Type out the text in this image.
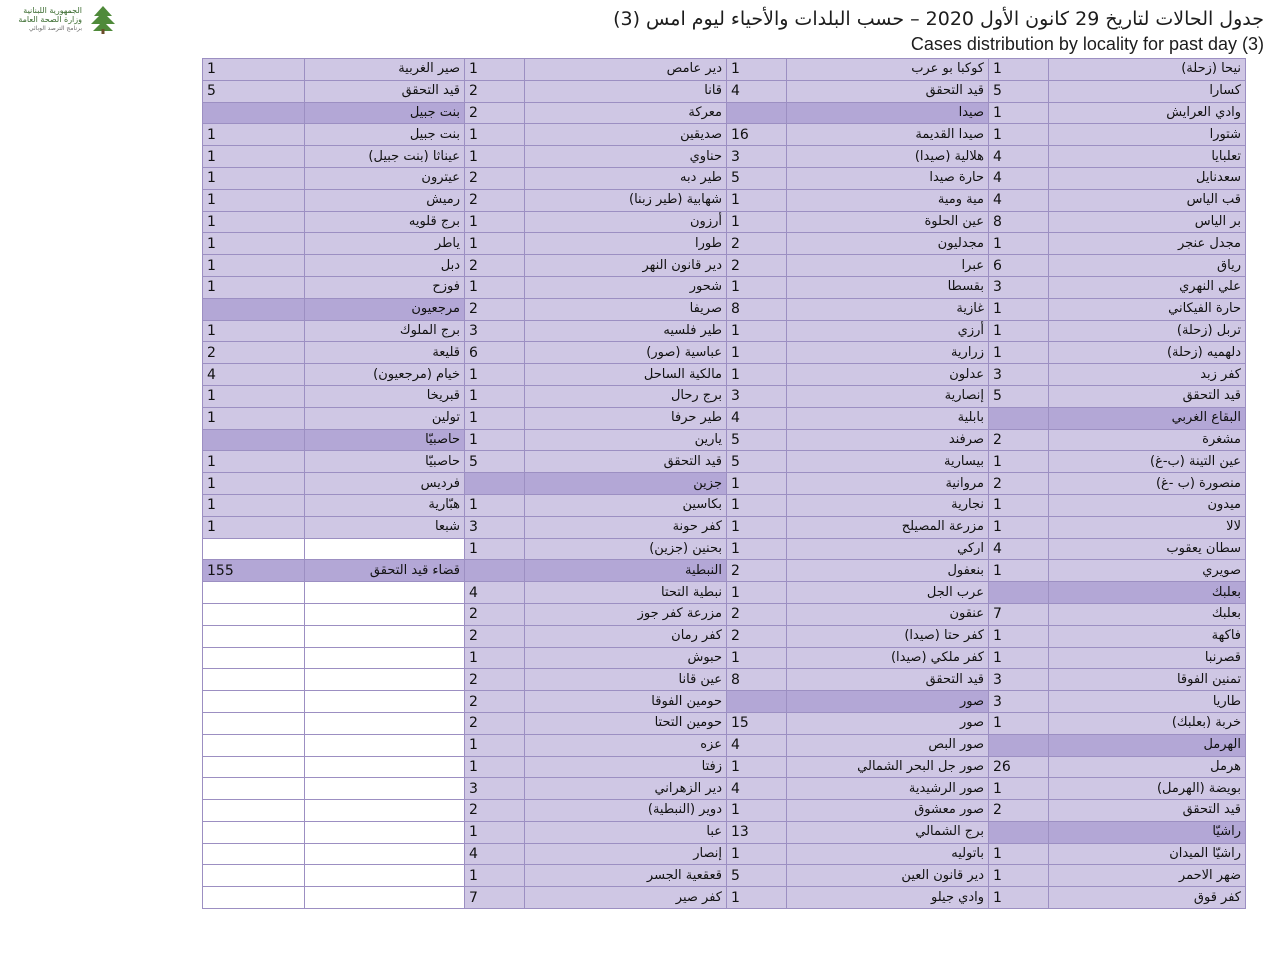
الجمهورية اللبنانية
وزارة الصحة العامة
برنامج الترصد الوبائي	جدول الحالات لتاريخ 29 كانون الأول 2020 – حسب البلدات والأحياء ليوم امس (3)
Cases distribution by locality for past day (3)
1	صير الغربية	1	دير عامص	1	كوكبا بو عرب	1	نيحا (زحلة)
5	قيد التحقق	2	قانا	4	قيد التحقق	5	كسارا
	بنت جبيل	2	معركة		صيدا	1	وادي العرايش
1	بنت جبيل	1	صديقين	16	صيدا القديمة	1	شتورا
1	عيناثا (بنت جبيل)	1	حناوي	3	هلالية (صيدا)	4	تعلبايا
1	عيترون	2	طير دبه	5	حارة صيدا	4	سعدنايل
1	رميش	2	شهابية (طير زبنا)	1	مية ومية	4	قب الياس
1	برج قلويه	1	أرزون	1	عين الحلوة	8	بر الياس
1	ياطر	1	طورا	2	مجدليون	1	مجدل عنجر
1	دبل	2	دير قانون النهر	2	عبرا	6	رياق
1	فوزح	1	شحور	1	بقسطا	3	علي النهري
	مرجعيون	2	صريفا	8	غازية	1	حارة الفيكاني
1	برج الملوك	3	طير فلسيه	1	أرزي	1	تربل (زحلة)
2	قليعة	6	عباسية (صور)	1	زرارية	1	دلهميه (زحلة)
4	خيام (مرجعيون)	1	مالكية الساحل	1	عدلون	3	كفر زبد
1	قبريخا	1	برج رحال	3	إنصارية	5	قيد التحقق
1	تولين	1	طير حرفا	4	بابلية		البقاع الغربي
	حاصبيّا	1	يارين	5	صرفند	2	مشغرة
1	حاصبيّا	5	قيد التحقق	5	بيسارية	1	عين التينة (ب-غ)
1	فرديس		جزين	1	مروانية	2	منصورة (ب -غ)
1	هبّارية	1	بكاسين	1	نجارية	1	ميدون
1	شبعا	3	كفر حونة	1	مزرعة المصيلح	1	لالا
		1	بحنين (جزين)	1	اركي	4	سطان يعقوب
155	قضاء قيد التحقق		النبطية	2	بنعفول	1	صويري
		4	نبطية التحتا	1	عرب الجل		بعلبك
		2	مزرعة كفر جوز	2	عنقون	7	بعلبك
		2	كفر رمان	2	كفر حتا (صيدا)	1	فاكهة
		1	حبوش	1	كفر ملكي (صيدا)	1	قصرنبا
		2	عين قانا	8	قيد التحقق	3	تمنين الفوقا
		2	حومين الفوقا		صور	3	طاريا
		2	حومين التحتا	15	صور	1	خربة (بعلبك)
		1	عزه	4	صور البص		الهرمل
		1	زفتا	1	صور جل البحر الشمالي	26	هرمل
		3	دير الزهراني	4	صور الرشيدية	1	بويضة (الهرمل)
		2	دوير (النبطية)	1	صور معشوق	2	قيد التحقق
		1	عبا	13	برج الشمالي		راشيّا
		4	إنصار	1	باتوليه	1	راشيّا الميدان
		1	قعقعية الجسر	5	دير قانون العين	1	ضهر الاحمر
		7	كفر صير	1	وادي جيلو	1	كفر قوق
